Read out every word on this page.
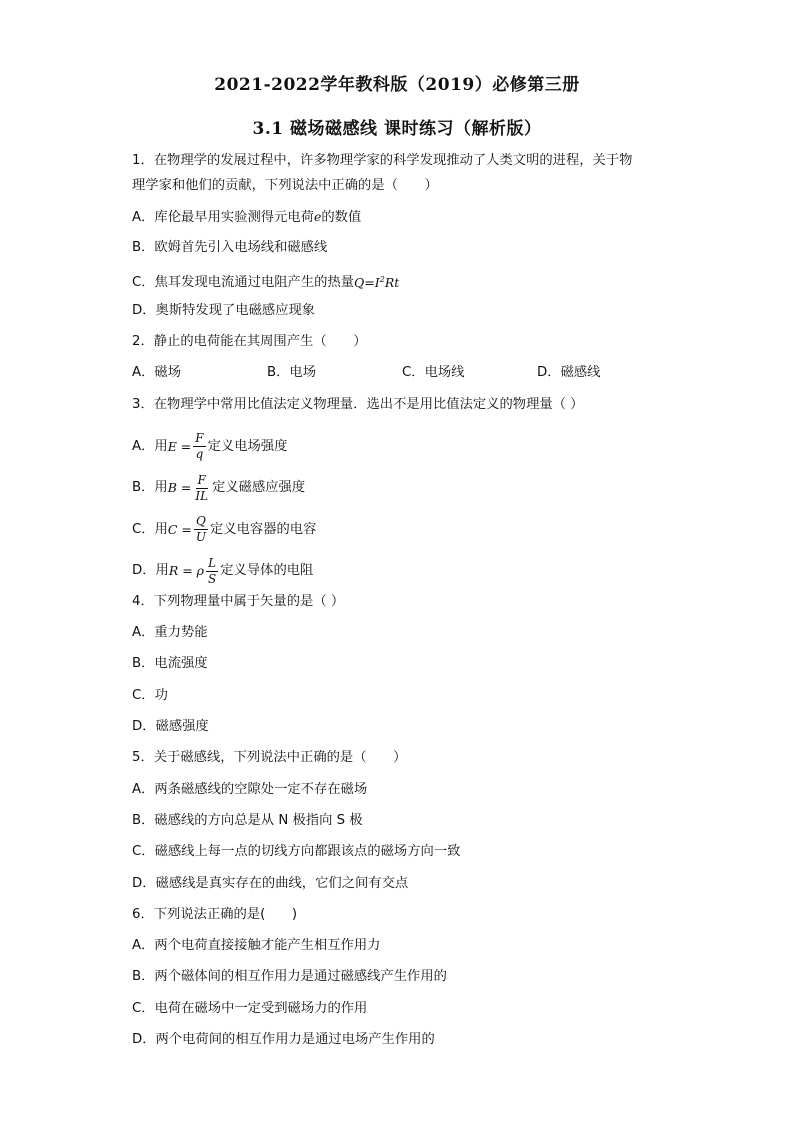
2021-2022学年教科版（2019）必修第三册
3.1 磁场磁感线 课时练习（解析版）
1．在物理学的发展过程中，许多物理学家的科学发现推动了人类文明的进程，关于物
理学家和他们的贡献，下列说法中正确的是（　　）
A．库伦最早用实验测得元电荷e的数值
B．欧姆首先引入电场线和磁感线
C．焦耳发现电流通过电阻产生的热量$Q=I^2Rt$
D．奥斯特发现了电磁感应现象
2．静止的电荷能在其周围产生（　　）
A．磁场	B．电场	C．电场线	D．磁感线
3．在物理学中常用比值法定义物理量．选出不是用比值法定义的物理量（ ）
A．用 $E = \frac{F}{q}$ 定义电场强度
B．用 $B = \frac{F}{IL}$ 定义磁感应强度
C．用 $C = \frac{Q}{U}$ 定义电容器的电容
D．用 R = ρ $\frac{L}{S}$ 定义导体的电阻
4．下列物理量中属于矢量的是（ ）
A．重力势能
B．电流强度
C．功
D．磁感强度
5．关于磁感线，下列说法中正确的是（　　）
A．两条磁感线的空隙处一定不存在磁场
B．磁感线的方向总是从 N 极指向 S 极
C．磁感线上每一点的切线方向都跟该点的磁场方向一致
D．磁感线是真实存在的曲线，它们之间有交点
6．下列说法正确的是(　　)
A．两个电荷直接接触才能产生相互作用力
B．两个磁体间的相互作用力是通过磁感线产生作用的
C．电荷在磁场中一定受到磁场力的作用
D．两个电荷间的相互作用力是通过电场产生作用的
